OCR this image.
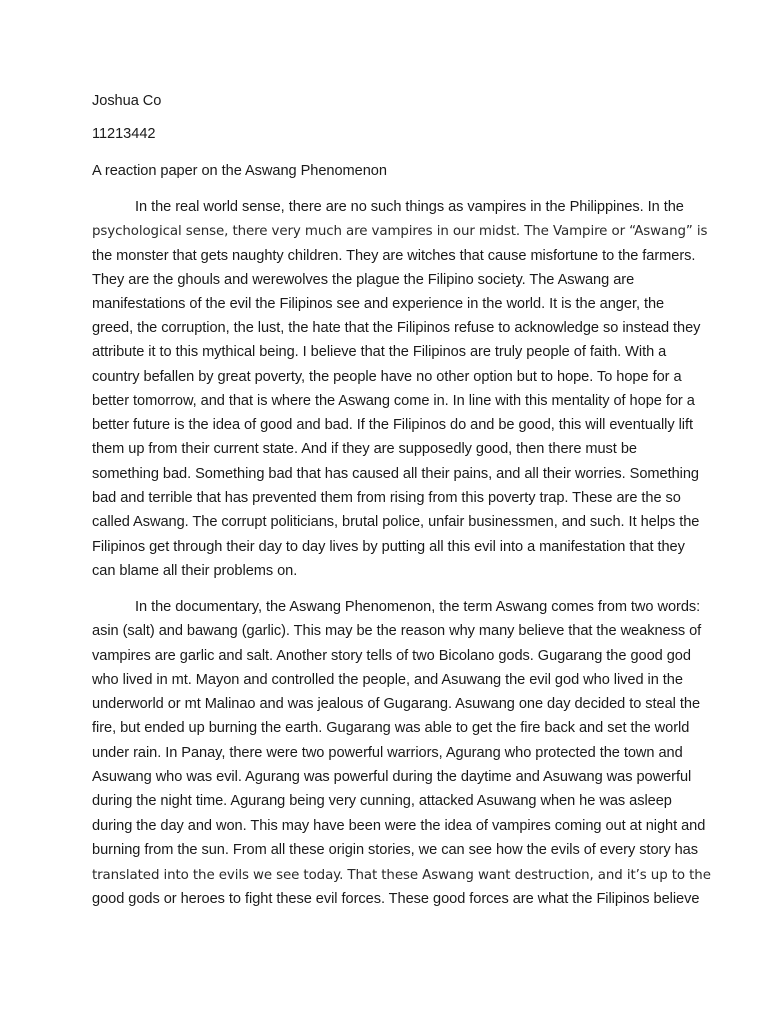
Joshua Co
11213442
A reaction paper on the Aswang Phenomenon
In the real world sense, there are no such things as vampires in the Philippines. In the
psychological sense, there very much are vampires in our midst. The Vampire or “Aswang” is
the monster that gets naughty children. They are witches that cause misfortune to the farmers.
They are the ghouls and werewolves the plague the Filipino society. The Aswang are
manifestations of the evil the Filipinos see and experience in the world. It is the anger, the
greed, the corruption, the lust, the hate that the Filipinos refuse to acknowledge so instead they
attribute it to this mythical being. I believe that the Filipinos are truly people of faith. With a
country befallen by great poverty, the people have no other option but to hope. To hope for a
better tomorrow, and that is where the Aswang come in. In line with this mentality of hope for a
better future is the idea of good and bad. If the Filipinos do and be good, this will eventually lift
them up from their current state. And if they are supposedly good, then there must be
something bad. Something bad that has caused all their pains, and all their worries. Something
bad and terrible that has prevented them from rising from this poverty trap. These are the so
called Aswang. The corrupt politicians, brutal police, unfair businessmen, and such. It helps the
Filipinos get through their day to day lives by putting all this evil into a manifestation that they
can blame all their problems on.
In the documentary, the Aswang Phenomenon, the term Aswang comes from two words:
asin (salt) and bawang (garlic). This may be the reason why many believe that the weakness of
vampires are garlic and salt. Another story tells of two Bicolano gods. Gugarang the good god
who lived in mt. Mayon and controlled the people, and Asuwang the evil god who lived in the
underworld or mt Malinao and was jealous of Gugarang. Asuwang one day decided to steal the
fire, but ended up burning the earth. Gugarang was able to get the fire back and set the world
under rain. In Panay, there were two powerful warriors, Agurang who protected the town and
Asuwang who was evil. Agurang was powerful during the daytime and Asuwang was powerful
during the night time. Agurang being very cunning, attacked Asuwang when he was asleep
during the day and won. This may have been were the idea of vampires coming out at night and
burning from the sun. From all these origin stories, we can see how the evils of every story has
translated into the evils we see today. That these Aswang want destruction, and it’s up to the
good gods or heroes to fight these evil forces. These good forces are what the Filipinos believe
